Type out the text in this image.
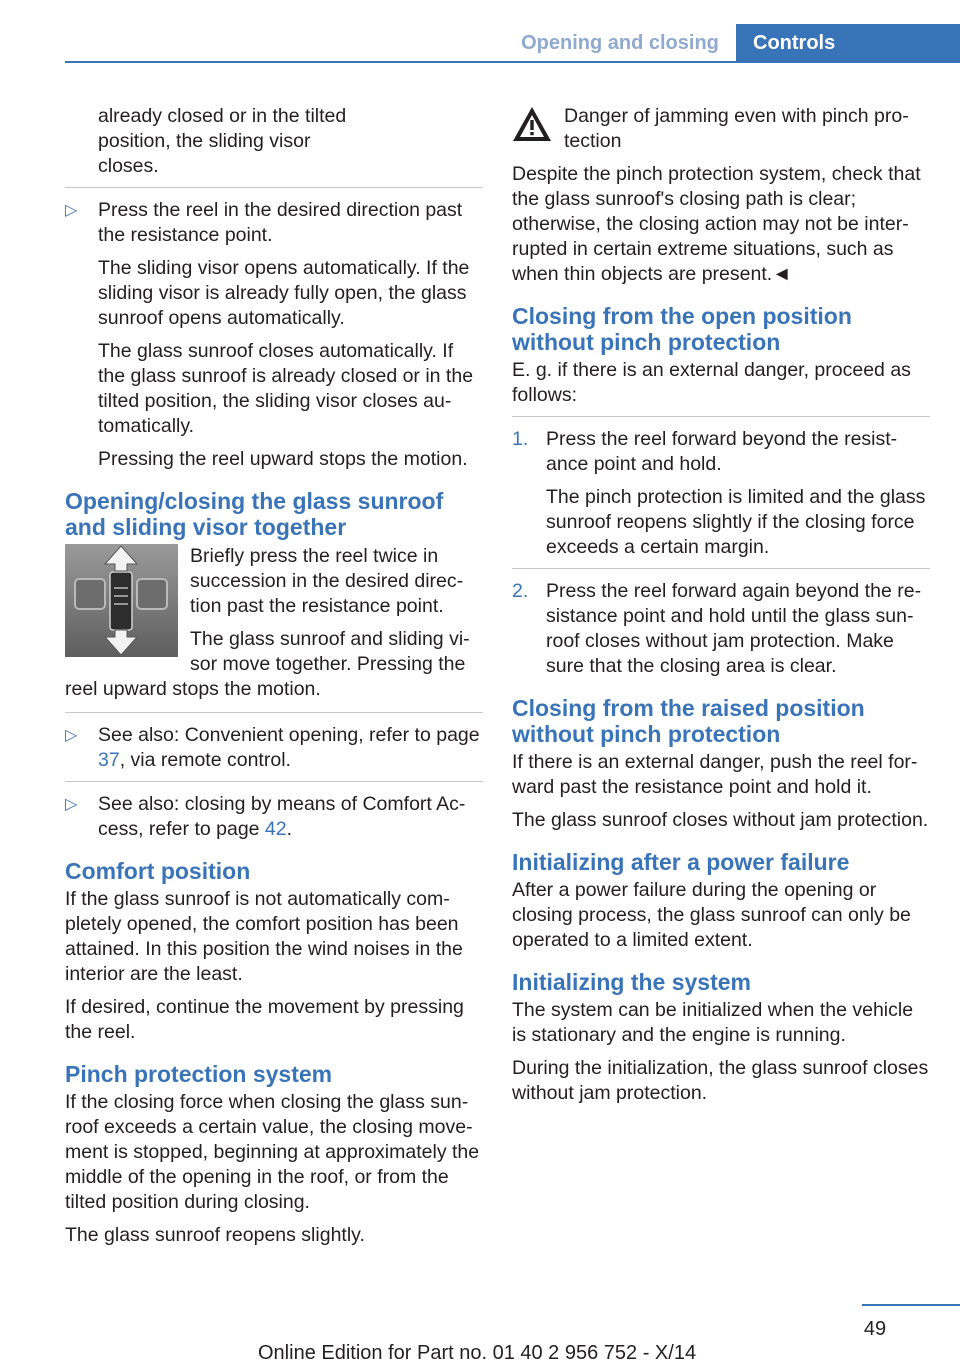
Opening and closing	Controls

already closed or in the tilted
position, the sliding visor
closes.

▷ Press the reel in the desired direction past the resistance point.

The sliding visor opens automatically. If the sliding visor is already fully open, the glass sunroof opens automatically.

The glass sunroof closes automatically. If the glass sunroof is already closed or in the tilted position, the sliding visor closes automatically.

Pressing the reel upward stops the motion.

Opening/closing the glass sunroof and sliding visor together

Briefly press the reel twice in succession in the desired direction past the resistance point.

The glass sunroof and sliding visor move together. Pressing the reel upward stops the motion.

▷ See also: Convenient opening, refer to page 37, via remote control.

▷ See also: closing by means of Comfort Access, refer to page 42.

Comfort position

If the glass sunroof is not automatically completely opened, the comfort position has been attained. In this position the wind noises in the interior are the least.

If desired, continue the movement by pressing the reel.

Pinch protection system

If the closing force when closing the glass sunroof exceeds a certain value, the closing movement is stopped, beginning at approximately the middle of the opening in the roof, or from the tilted position during closing.

The glass sunroof reopens slightly.

Danger of jamming even with pinch protection

Despite the pinch protection system, check that the glass sunroof's closing path is clear; otherwise, the closing action may not be interrupted in certain extreme situations, such as when thin objects are present.◄

Closing from the open position without pinch protection

E. g. if there is an external danger, proceed as follows:

1. Press the reel forward beyond the resistance point and hold.

The pinch protection is limited and the glass sunroof reopens slightly if the closing force exceeds a certain margin.

2. Press the reel forward again beyond the resistance point and hold until the glass sunroof closes without jam protection. Make sure that the closing area is clear.

Closing from the raised position without pinch protection

If there is an external danger, push the reel forward past the resistance point and hold it.

The glass sunroof closes without jam protection.

Initializing after a power failure

After a power failure during the opening or closing process, the glass sunroof can only be operated to a limited extent.

Initializing the system

The system can be initialized when the vehicle is stationary and the engine is running.

During the initialization, the glass sunroof closes without jam protection.

49
Online Edition for Part no. 01 40 2 956 752 - X/14
